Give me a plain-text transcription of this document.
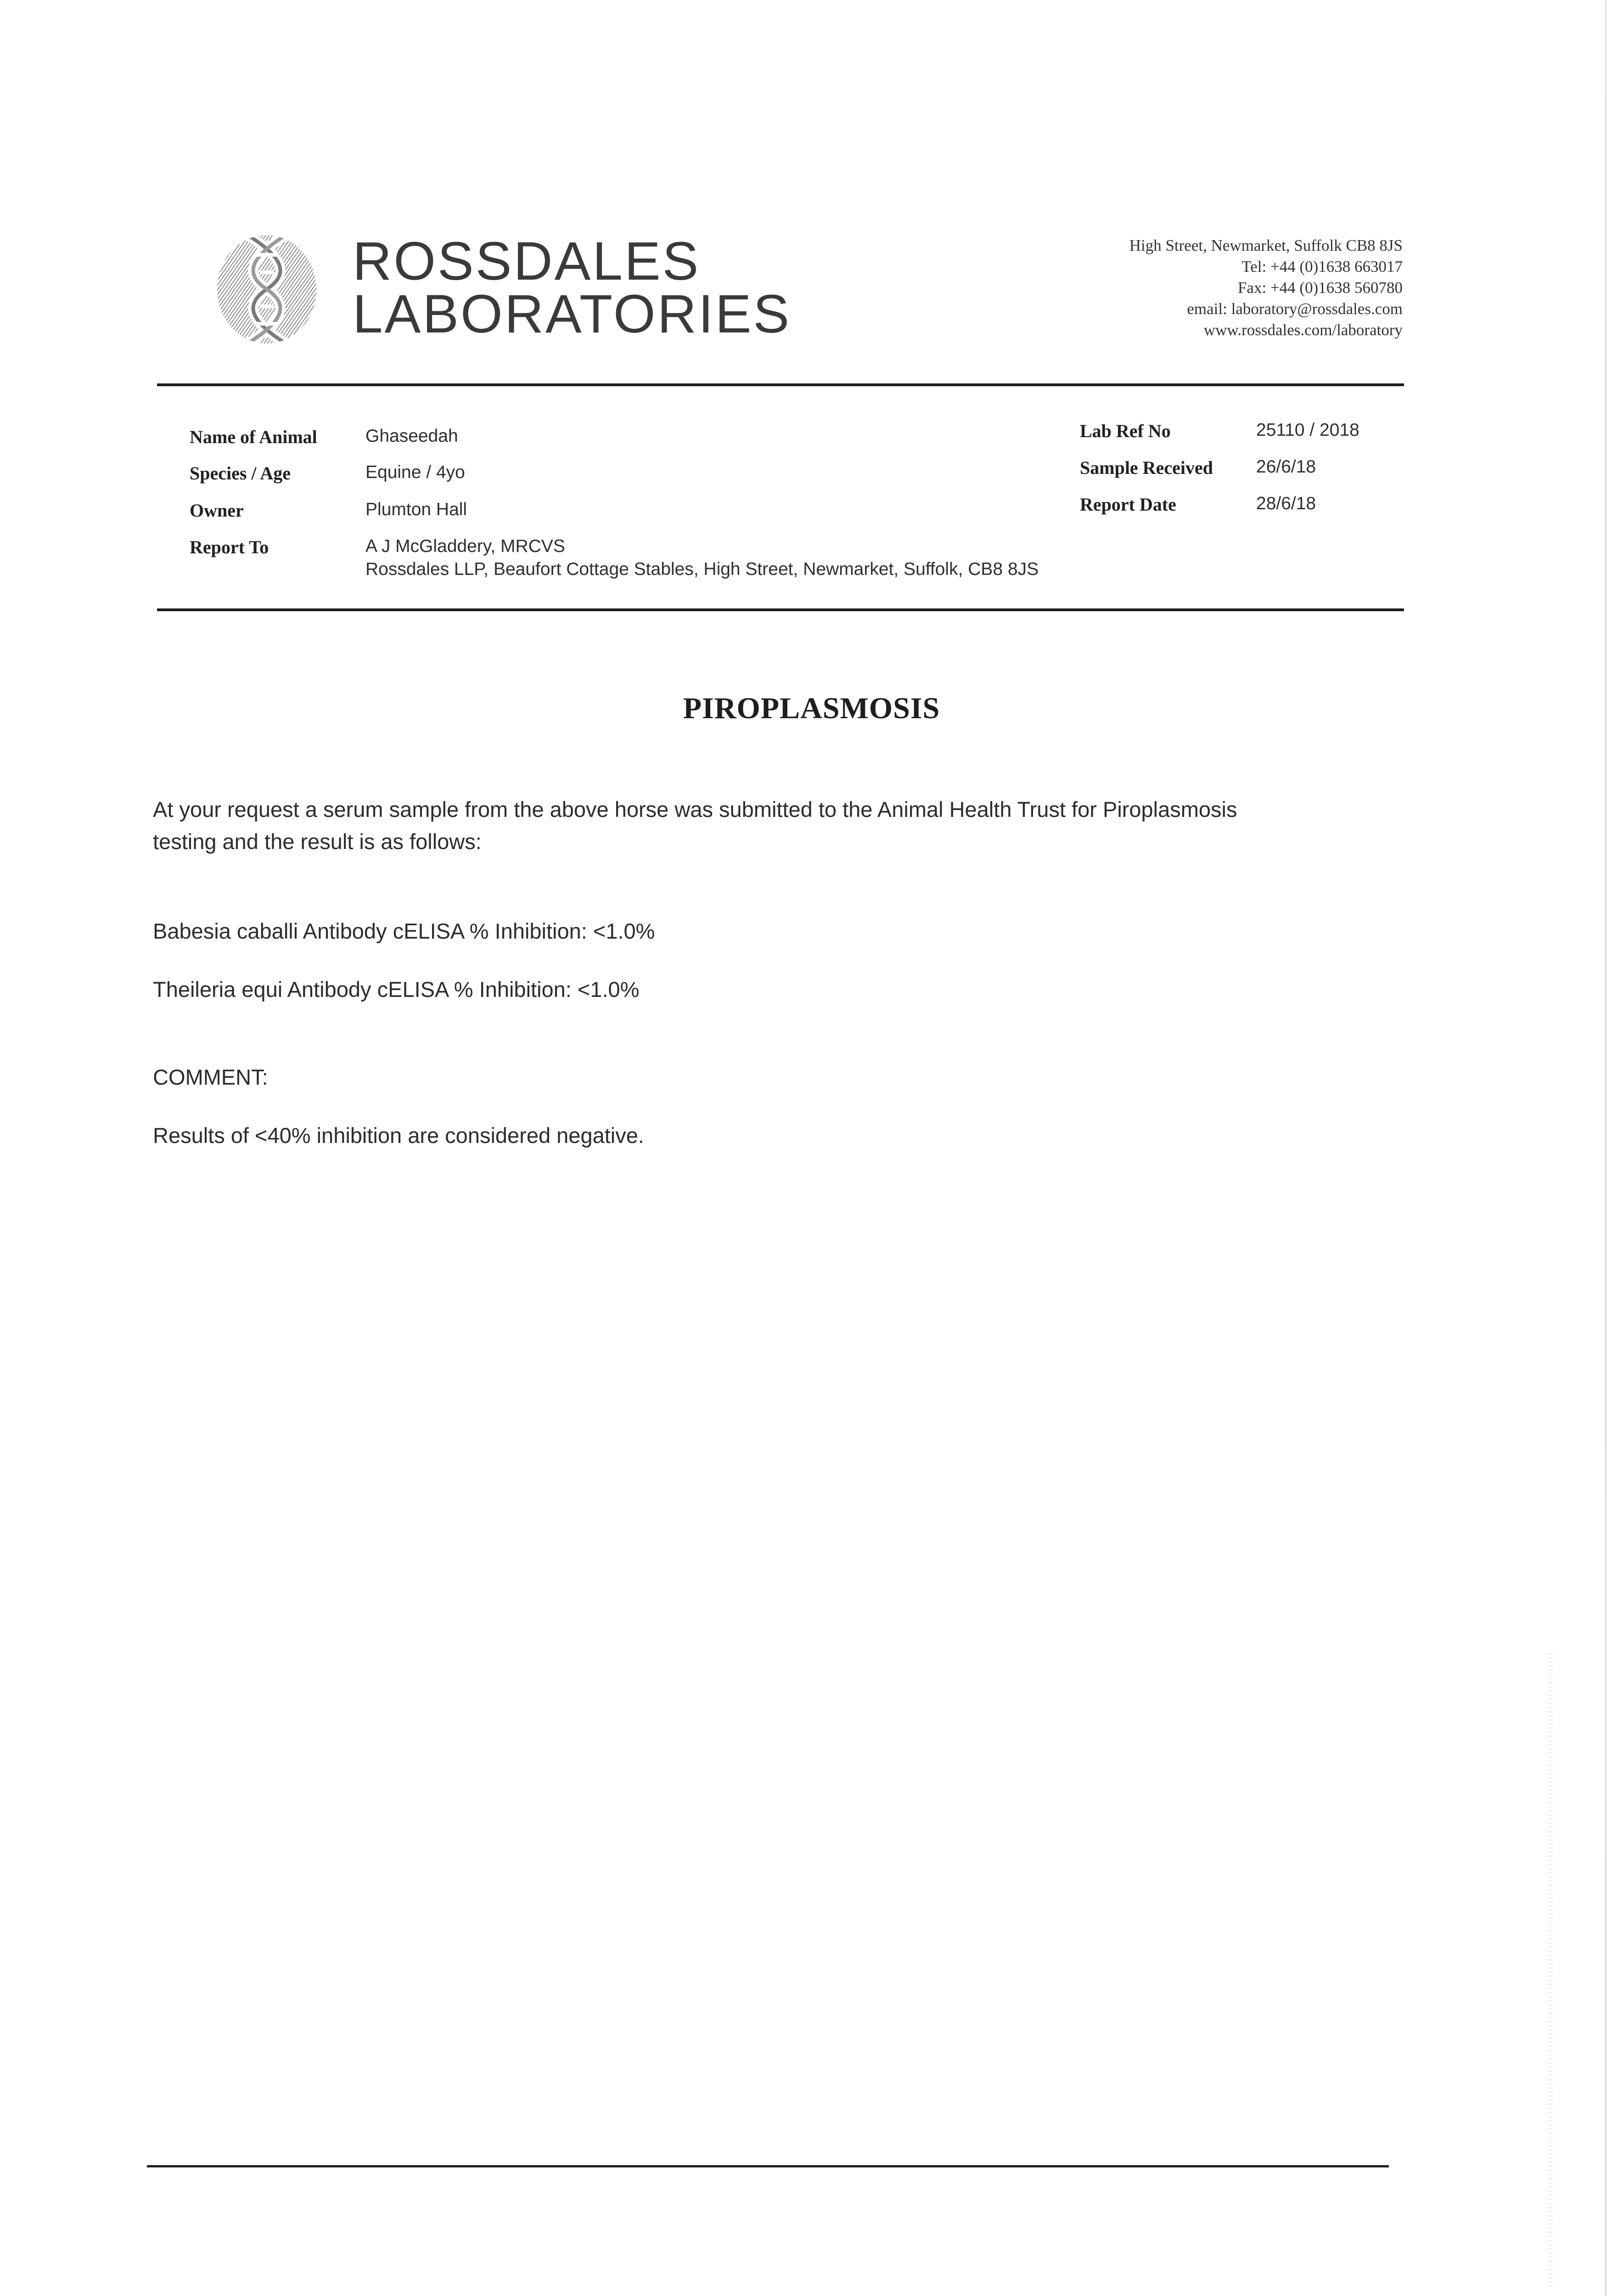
ROSSDALES
LABORATORIES
High Street, Newmarket, Suffolk CB8 8JS
Tel: +44 (0)1638 663017
Fax: +44 (0)1638 560780
email: laboratory@rossdales.com
www.rossdales.com/laboratory
Name of Animal	Ghaseedah
Species / Age	Equine / 4yo
Owner	Plumton Hall
Report To	A J McGladdery, MRCVS
Rossdales LLP, Beaufort Cottage Stables, High Street, Newmarket, Suffolk, CB8 8JS
Lab Ref No	25110 / 2018
Sample Received 26/6/18
Report Date	28/6/18
PIROPLASMOSIS
At your request a serum sample from the above horse was submitted to the Animal Health Trust for Piroplasmosis
testing and the result is as follows:
Babesia caballi Antibody cELISA % Inhibition: <1.0%
Theileria equi Antibody cELISA % Inhibition: <1.0%
COMMENT:
Results of <40% inhibition are considered negative.
